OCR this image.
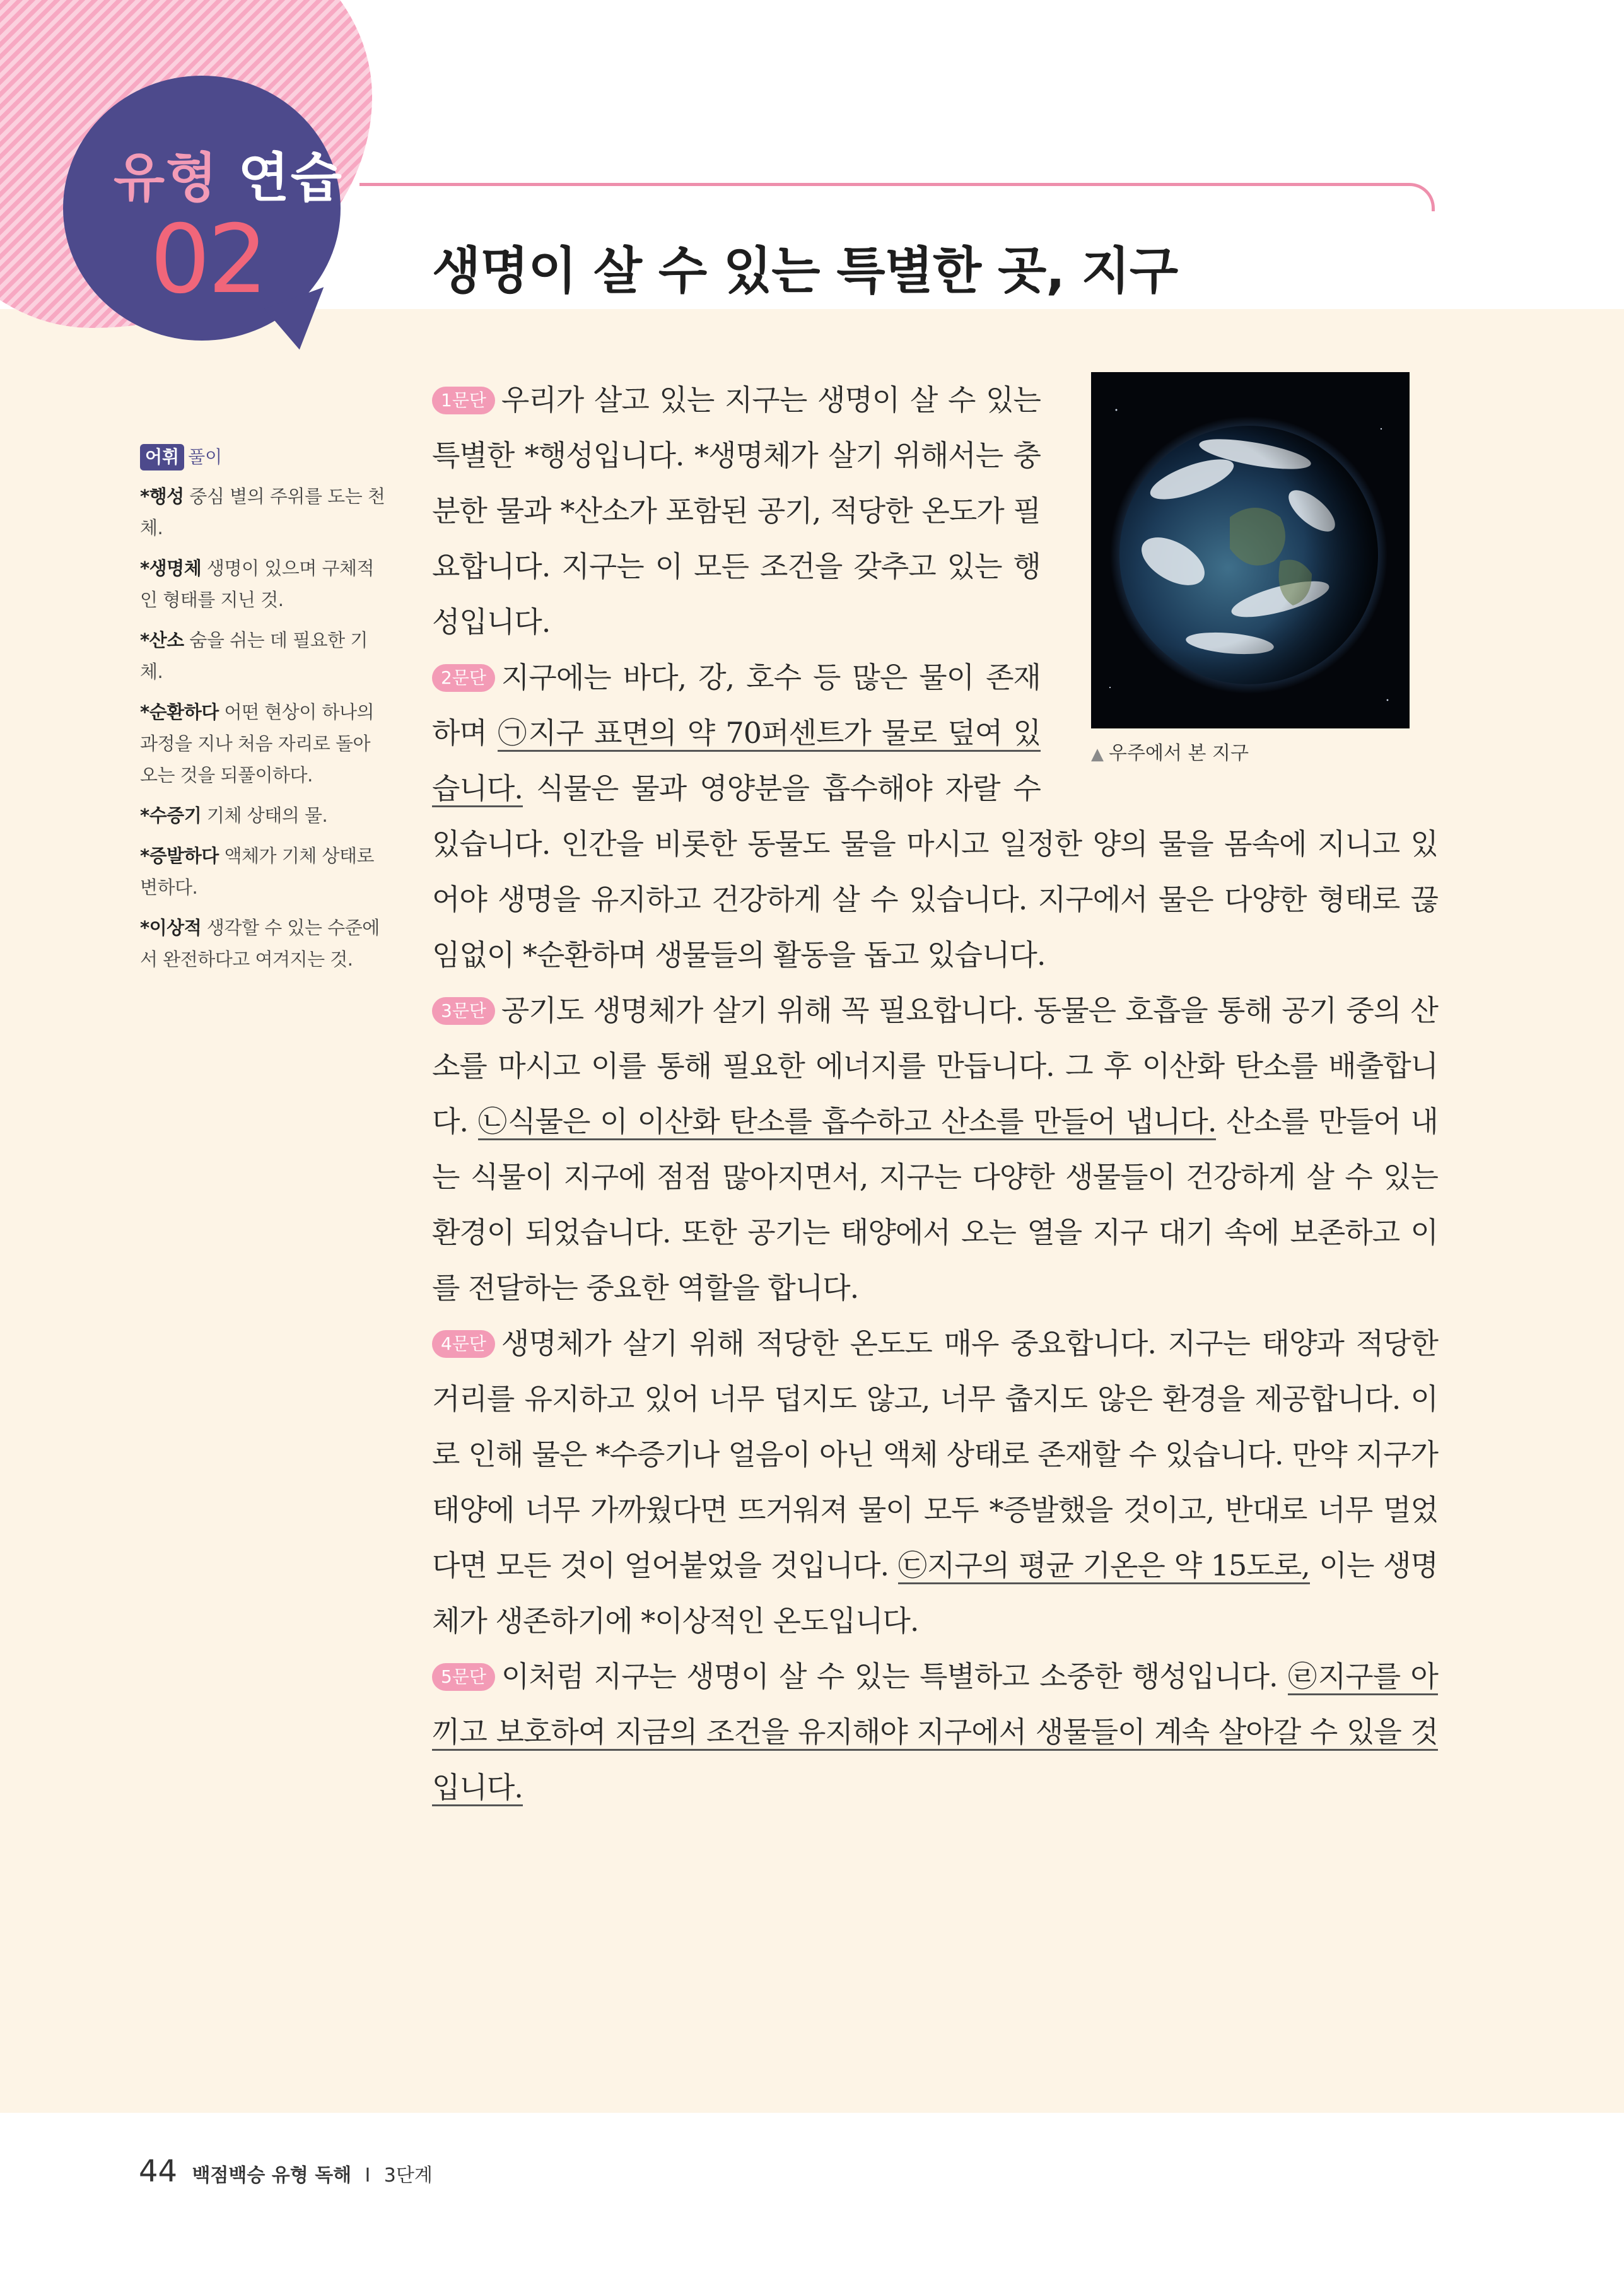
유형 연습
02	생명이 살 수 있는 특별한 곳, 지구
어휘 풀이
*행성 중심 별의 주위를 도는 천체.
*생명체 생명이 있으며 구체적인 형태를 지닌 것.
*산소 숨을 쉬는 데 필요한 기체.
*순환하다 어떤 현상이 하나의 과정을 지나 처음 자리로 돌아오는 것을 되풀이하다.
*수증기 기체 상태의 물.
*증발하다 액체가 기체 상태로 변하다.
*이상적 생각할 수 있는 수준에서 완전하다고 여겨지는 것.
▲ 우주에서 본 지구

1문단 우리가 살고 있는 지구는 생명이 살 수 있는 특별한 *행성입니다. *생명체가 살기 위해서는 충분한 물과 *산소가 포함된 공기, 적당한 온도가 필요합니다. 지구는 이 모든 조건을 갖추고 있는 행성입니다.

2문단 지구에는 바다, 강, 호수 등 많은 물이 존재하며 ㉠지구 표면의 약 70퍼센트가 물로 덮여 있습니다. 식물은 물과 영양분을 흡수해야 자랄 수 있습니다. 인간을 비롯한 동물도 물을 마시고 일정한 양의 물을 몸속에 지니고 있어야 생명을 유지하고 건강하게 살 수 있습니다. 지구에서 물은 다양한 형태로 끊임없이 *순환하며 생물들의 활동을 돕고 있습니다.

3문단 공기도 생명체가 살기 위해 꼭 필요합니다. 동물은 호흡을 통해 공기 중의 산소를 마시고 이를 통해 필요한 에너지를 만듭니다. 그 후 이산화 탄소를 배출합니다. ㉡식물은 이 이산화 탄소를 흡수하고 산소를 만들어 냅니다. 산소를 만들어 내는 식물이 지구에 점점 많아지면서, 지구는 다양한 생물들이 건강하게 살 수 있는 환경이 되었습니다. 또한 공기는 태양에서 오는 열을 지구 대기 속에 보존하고 이를 전달하는 중요한 역할을 합니다.

4문단 생명체가 살기 위해 적당한 온도도 매우 중요합니다. 지구는 태양과 적당한 거리를 유지하고 있어 너무 덥지도 않고, 너무 춥지도 않은 환경을 제공합니다. 이로 인해 물은 *수증기나 얼음이 아닌 액체 상태로 존재할 수 있습니다. 만약 지구가 태양에 너무 가까웠다면 뜨거워져 물이 모두 *증발했을 것이고, 반대로 너무 멀었다면 모든 것이 얼어붙었을 것입니다. ㉢지구의 평균 기온은 약 15도로, 이는 생명체가 생존하기에 *이상적인 온도입니다.

5문단 이처럼 지구는 생명이 살 수 있는 특별하고 소중한 행성입니다. ㉣지구를 아끼고 보호하여 지금의 조건을 유지해야 지구에서 생물들이 계속 살아갈 수 있을 것입니다.

44 백점백승 유형 독해 I 3단계
